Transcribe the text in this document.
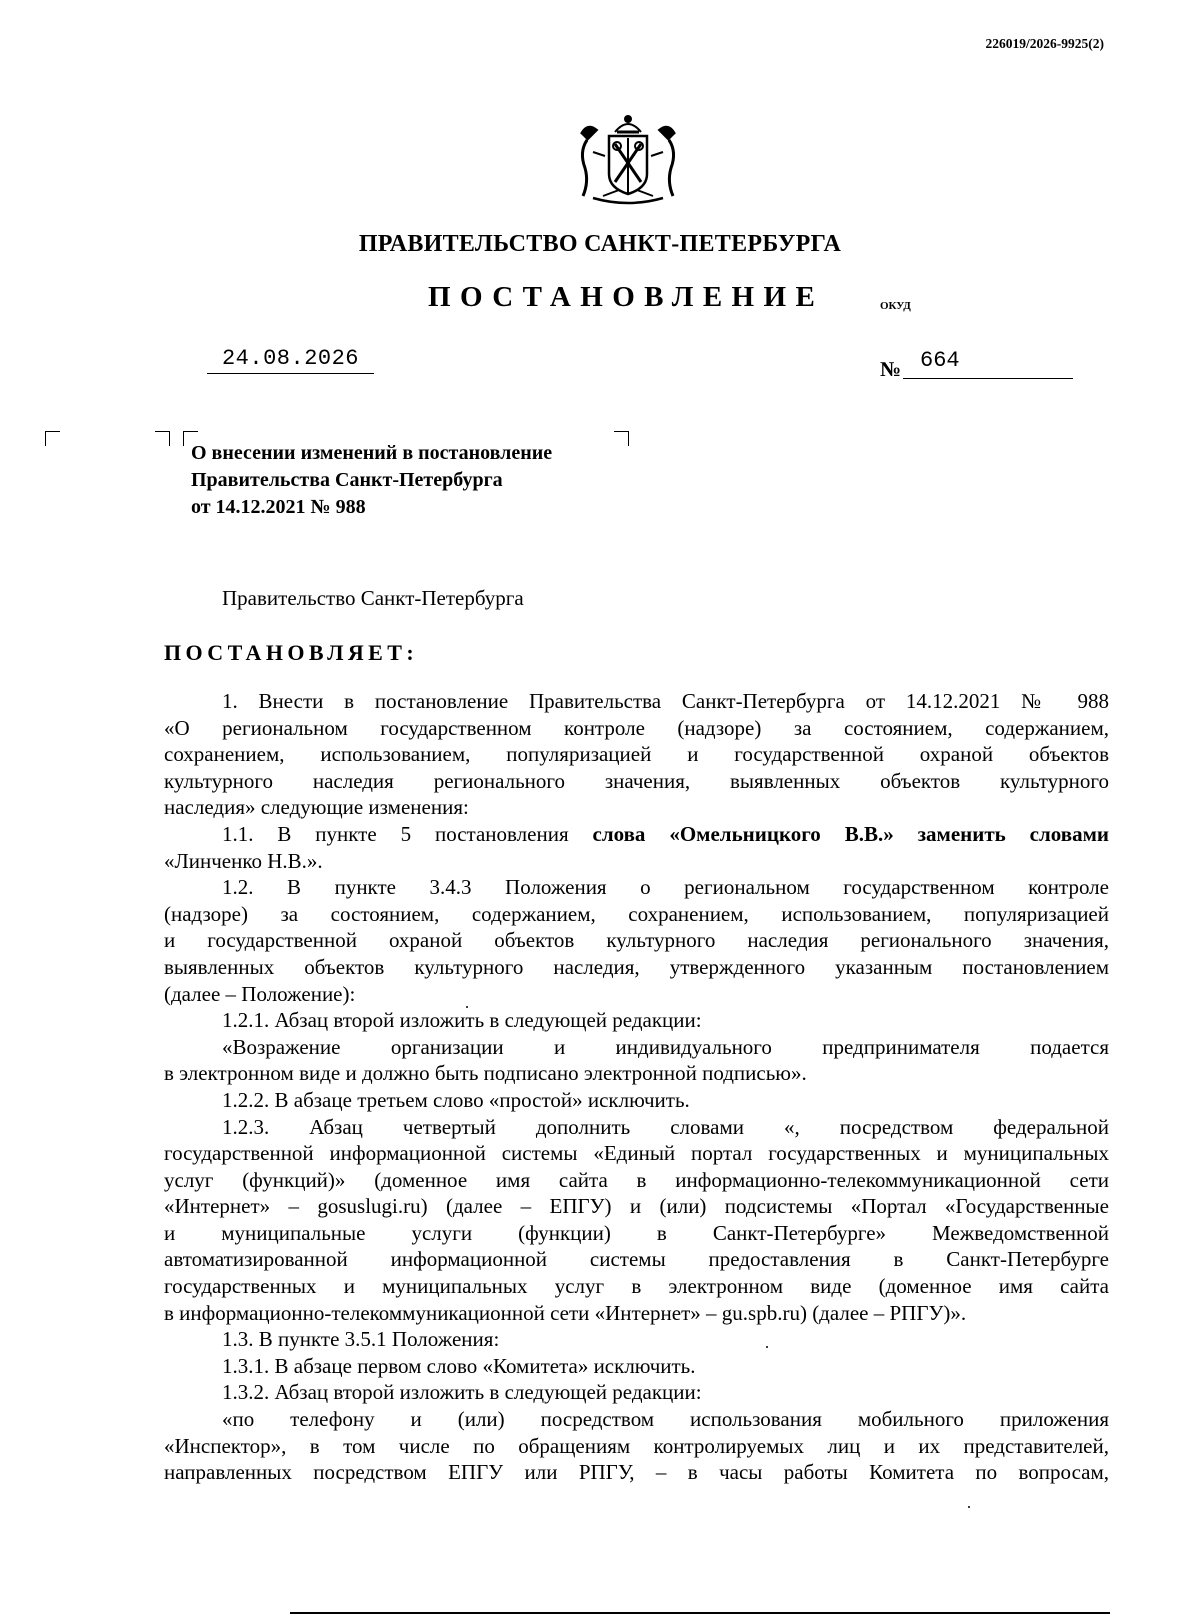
226019/2026-9925(2)
ПРАВИТЕЛЬСТВО САНКТ-ПЕТЕРБУРГА
ПОСТАНОВЛЕНИЕ	ОКУД
24.08.2026	№ 664
О внесении изменений в постановление
Правительства Санкт-Петербурга
от 14.12.2021 № 988
Правительство Санкт-Петербурга
ПОСТАНОВЛЯЕТ:

1. Внести в постановление Правительства Санкт-Петербурга от 14.12.2021 № 988

«О региональном государственном контроле (надзоре) за состоянием, содержанием,

сохранением, использованием, популяризацией и государственной охраной объектов

культурного наследия регионального значения, выявленных объектов культурного

наследия» следующие изменения:

1.1. В пункте 5 постановления слова «Омельницкого В.В.» заменить словами

«Линченко Н.В.».

1.2. В пункте 3.4.3 Положения о региональном государственном контроле

(надзоре) за состоянием, содержанием, сохранением, использованием, популяризацией

и государственной охраной объектов культурного наследия регионального значения,

выявленных объектов культурного наследия, утвержденного указанным постановлением

(далее – Положение):

1.2.1. Абзац второй изложить в следующей редакции:

«Возражение организации и индивидуального предпринимателя подается

в электронном виде и должно быть подписано электронной подписью».

1.2.2. В абзаце третьем слово «простой» исключить.

1.2.3. Абзац четвертый дополнить словами «, посредством федеральной

государственной информационной системы «Единый портал государственных и муниципальных

услуг (функций)» (доменное имя сайта в информационно-телекоммуникационной сети

«Интернет» – gosuslugi.ru) (далее – ЕПГУ) и (или) подсистемы «Портал «Государственные

и муниципальные услуги (функции) в Санкт-Петербурге» Межведомственной

автоматизированной информационной системы предоставления в Санкт-Петербурге

государственных и муниципальных услуг в электронном виде (доменное имя сайта

в информационно-телекоммуникационной сети «Интернет» – gu.spb.ru) (далее – РПГУ)».

1.3. В пункте 3.5.1 Положения:

1.3.1. В абзаце первом слово «Комитета» исключить.

1.3.2. Абзац второй изложить в следующей редакции:

«по телефону и (или) посредством использования мобильного приложения

«Инспектор», в том числе по обращениям контролируемых лиц и их представителей,

направленных посредством ЕПГУ или РПГУ, – в часы работы Комитета по вопросам,
